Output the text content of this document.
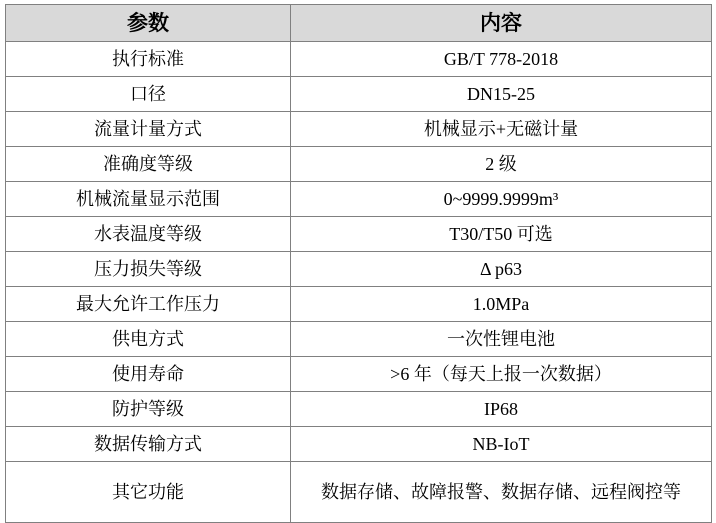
参数	内容
执行标准	GB/T 778-2018
口径	DN15-25
流量计量方式	机械显示+无磁计量
准确度等级	2 级
机械流量显示范围	0~9999.9999m³
水表温度等级	T30/T50 可选
压力损失等级	Δ p63
最大允许工作压力	1.0MPa
供电方式	一次性锂电池
使用寿命	>6 年（每天上报一次数据）
防护等级	IP68
数据传输方式	NB-IoT
其它功能	数据存储、故障报警、数据存储、远程阀控等
